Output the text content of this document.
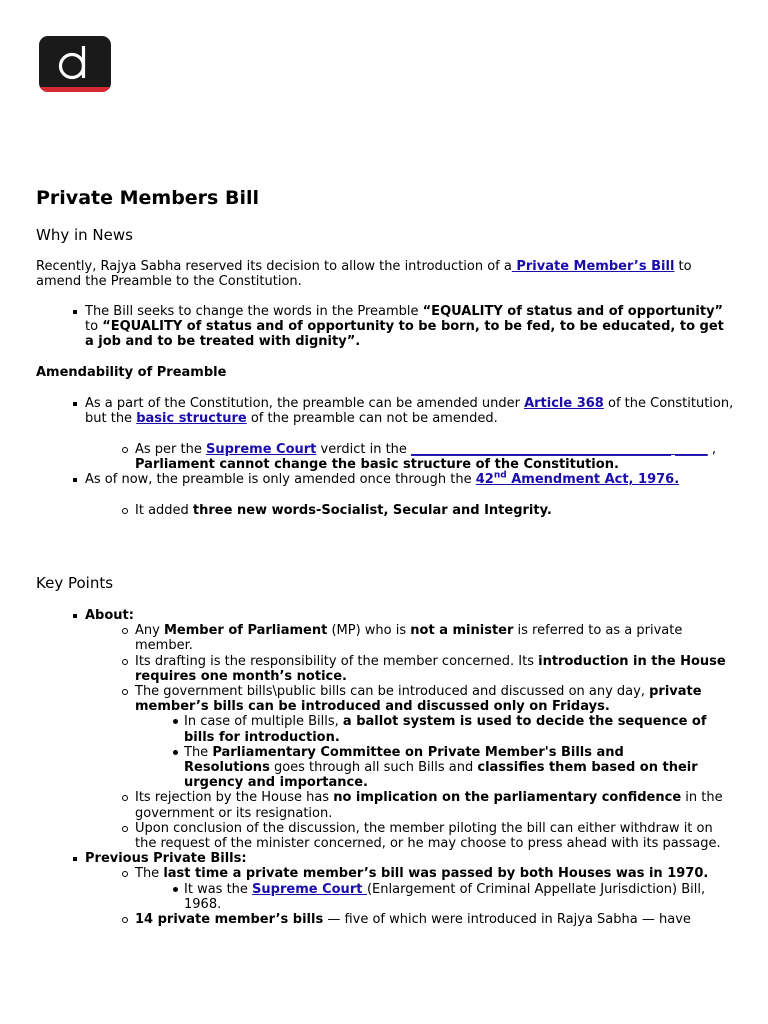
Private Members Bill
Why in News

Recently, Rajya Sabha reserved its decision to allow the introduction of a Private Member’s Bill to amend the Preamble to the Constitution.

The Bill seeks to change the words in the Preamble “EQUALITY of status and of opportunity” to “EQUALITY of status and of opportunity to be born, to be fed, to be educated, to get a job and to be treated with dignity”.
Amendability of Preamble
As a part of the Constitution, the preamble can be amended under Article 368 of the Constitution, but the basic structure of the preamble can not be amended.
As per the Supreme Court verdict in the ________________________________________ _____ , Parliament cannot change the basic structure of the Constitution.
As of now, the preamble is only amended once through the 42nd Amendment Act, 1976.
It added three new words-Socialist, Secular and Integrity.
Key Points
About:
Any Member of Parliament (MP) who is not a minister is referred to as a private member.
Its drafting is the responsibility of the member concerned. Its introduction in the House requires one month’s notice.
The government bills\public bills can be introduced and discussed on any day, private member’s bills can be introduced and discussed only on Fridays.
In case of multiple Bills, a ballot system is used to decide the sequence of bills for introduction.
The Parliamentary Committee on Private Member's Bills and Resolutions goes through all such Bills and classifies them based on their urgency and importance.
Its rejection by the House has no implication on the parliamentary confidence in the government or its resignation.
Upon conclusion of the discussion, the member piloting the bill can either withdraw it on the request of the minister concerned, or he may choose to press ahead with its passage.
Previous Private Bills:
The last time a private member’s bill was passed by both Houses was in 1970.
It was the Supreme Court (Enlargement of Criminal Appellate Jurisdiction) Bill, 1968.
14 private member’s bills — five of which were introduced in Rajya Sabha — have
